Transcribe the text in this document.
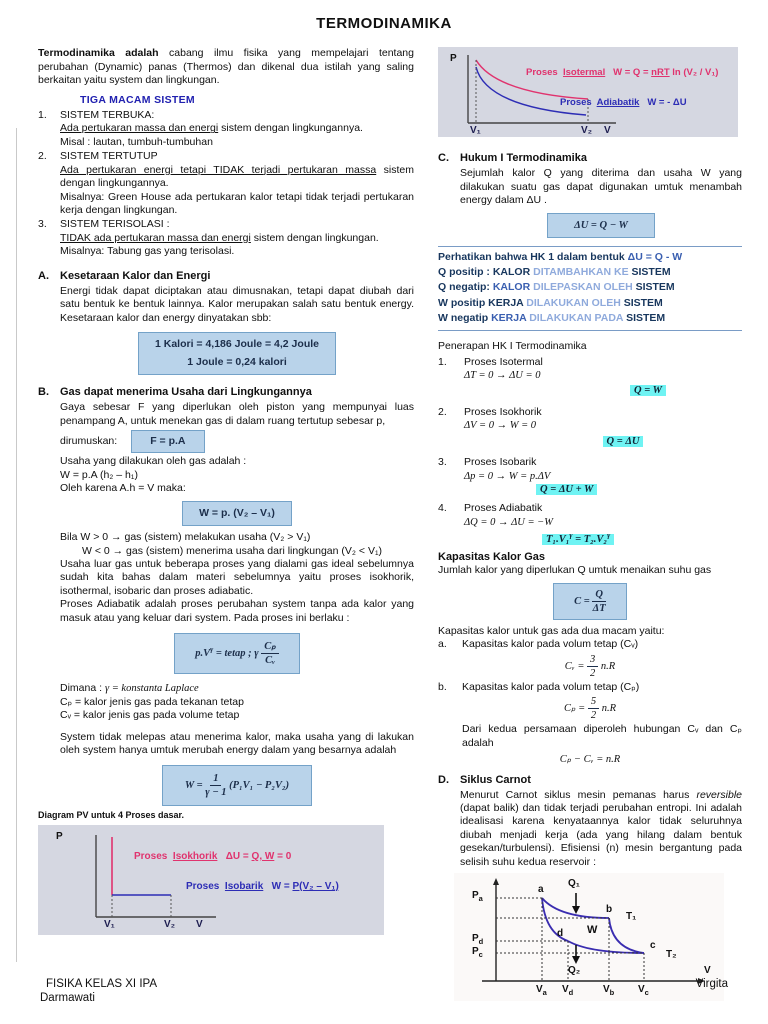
TERMODINAMIKA

Termodinamika adalah cabang ilmu fisika yang mempelajari tentang perubahan (Dynamic) panas (Thermos) dan dikenal dua istilah yang saling berkaitan yaitu system dan lingkungan.

TIGA MACAM SISTEM
1.	SISTEM TERBUKA:
Ada pertukaran massa dan energi sistem dengan lingkungannya.
Misal : lautan, tumbuh-tumbuhan
2.	SISTEM TERTUTUP
Ada pertukaran energi tetapi TIDAK terjadi pertukaran massa sistem dengan lingkungannya.
Misalnya: Green House ada pertukaran kalor tetapi tidak terjadi pertukaran kerja dengan lingkungan.
3.	SISTEM TERISOLASI :
TIDAK ada pertukaran massa dan energi sistem dengan lingkungan.
Misalnya: Tabung gas yang terisolasi.
A. Kesetaraan Kalor dan Energi

Energi tidak dapat diciptakan atau dimusnakan, tetapi dapat diubah dari satu bentuk ke bentuk lainnya. Kalor merupakan salah satu bentuk energy. Kesetaraan kalor dan energy dinyatakan sbb:

1 Kalori = 4,186 Joule = 4,2 Joule
1 Joule = 0,24 kalori
B. Gas dapat menerima Usaha dari Lingkungannya

Gaya sebesar F yang diperlukan oleh piston yang mempunyai luas penampang A, untuk menekan gas di dalam ruang tertutup sebesar p,

dirumuskan:	F = p.A
Usaha yang dilakukan oleh gas adalah :
W = p.A (h₂ – h₁)
Oleh karena A.h = V maka:
W = p. (V₂ – V₁)
Bila W > 0 → gas (sistem) melakukan usaha (V₂ > V₁)
W < 0 → gas (sistem) menerima usaha dari lingkungan (V₂ < V₁)

Usaha luar gas untuk beberapa proses yang dialami gas ideal sebelumnya sudah kita bahas dalam materi sebelumnya yaitu proses isokhorik, isothermal, isobaric dan proses adiabatic.

Proses Adiabatik adalah proses perubahan system tanpa ada kalor yang masuk atau yang keluar dari system. Pada proses ini berlaku :

$p.V^\gamma$ = tetap ; γ $\frac{\text{Cₚ}}{\text{Cᵥ}}$
Dimana : γ = konstanta Laplace
Cₚ = kalor jenis gas pada tekanan tetap
Cᵥ = kalor jenis gas pada volume tetap

System tidak melepas atau menerima kalor, maka usaha yang di lakukan oleh system hanya umtuk merubah energy dalam yang besarnya adalah

$W = \frac{1}{\gamma - 1} (P_1V_1 - P_2V_2)$
Diagram PV untuk 4 Proses dasar.
P
Proses Isokhorik ΔU = Q, W = 0
Proses Isobarik W = P(V₂ – V₁)
V₁	V₂ V
P
Proses Isotermal W = Q = nRT ln (V₂ / V₁)
Proses Adiabatik W = - ΔU
V₁	V₂ V
C. Hukum I Termodinamika

Sejumlah kalor Q yang diterima dan usaha W yang dilakukan suatu gas dapat digunakan umtuk menambah energy dalam ΔU .

ΔU = Q − W
Perhatikan bahwa HK 1 dalam bentuk ΔU = Q - W
Q positip : KALOR DITAMBAHKAN KE SISTEM
Q negatip: KALOR DILEPASKAN OLEH SISTEM
W positip KERJA DILAKUKAN OLEH SISTEM
W negatip KERJA DILAKUKAN PADA SISTEM
Penerapan HK I Termodinamika
1.	Proses Isotermal
ΔT = 0 → ΔU = 0
Q = W
2.	Proses Isokhorik
ΔV = 0 → W = 0
Q = ΔU
3.	Proses Isobarik
Δp = 0 → W = p.ΔV
Q = ΔU + W
4.	Proses Adiabatik
ΔQ = 0 → ΔU = −W
T₁.V₁$^\gamma$ = T₂.V₂$^\gamma$
Kapasitas Kalor Gas
Jumlah kalor yang diperlukan Q umtuk menaikan suhu gas
$C = \frac{Q}{\Delta T}$
Kapasitas kalor untuk gas ada dua macam yaitu:
a.	Kapasitas kalor pada volum tetap (Cᵥ)
Cᵥ = $\frac{3}{2} n.R$
b.	Kapasitas kalor pada volum tetap (Cₚ)
$C_p = \frac{5}{2} n.R$
Dari kedua persamaan diperoleh hubungan Cᵥ dan Cₚ adalah
Cₚ − Cᵥ = n.R
D. Siklus Carnot

Menurut Carnot siklus mesin pemanas harus reversible (dapat balik) dan tidak terjadi perubahan entropi. Ini adalah idealisasi karena kenyataannya kalor tidak seluruhnya diubah menjadi kerja (ada yang hilang dalam bentuk gesekan/turbulensi). Efisiensi (n) mesin bergantung pada selisih suhu kedua reservoir :

$P_a$
$P_d$
$P_c$
a
b
c
d
Q₁
W
Q₂
T₁
T₂
V
$V_a$ $V_d$	$V_b$ $V_c$
FISIKA KELAS XI IPA
Darmawati
Virgita
